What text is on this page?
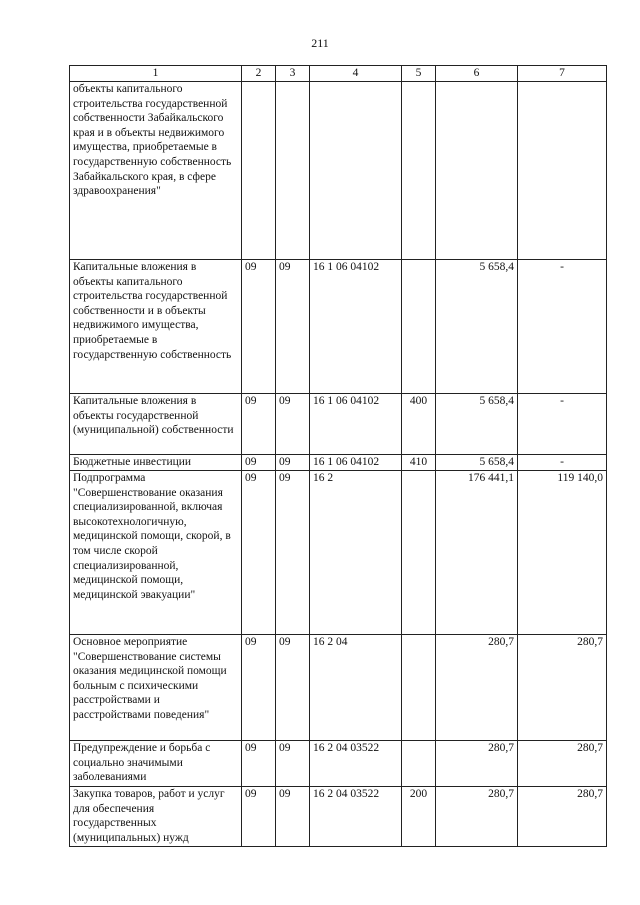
211
1	2	3	4	5	6	7
объекты капитального строительства государственной собственности Забайкальского края и в объекты недвижимого имущества, приобретаемые в государственную собственность Забайкальского края, в сфере здравоохранения"						
Капитальные вложения в объекты капитального строительства государственной собственности и в объекты недвижимого имущества, приобретаемые в государственную собственность	09	09	16 1 06 04102		5 658,4	-
Капитальные вложения в объекты государственной (муниципальной) собственности	09	09	16 1 06 04102	400	5 658,4	-
Бюджетные инвестиции	09	09	16 1 06 04102	410	5 658,4	-
Подпрограмма "Совершенствование оказания специализированной, включая высокотехнологичную, медицинской помощи, скорой, в том числе скорой специализированной, медицинской помощи, медицинской эвакуации"	09	09	16 2		176 441,1	119 140,0
Основное мероприятие "Совершенствование системы оказания медицинской помощи больным с психическими расстройствами и расстройствами поведения"	09	09	16 2 04		280,7	280,7
Предупреждение и борьба с социально значимыми заболеваниями	09	09	16 2 04 03522		280,7	280,7
Закупка товаров, работ и услуг для обеспечения государственных (муниципальных) нужд	09	09	16 2 04 03522	200	280,7	280,7
